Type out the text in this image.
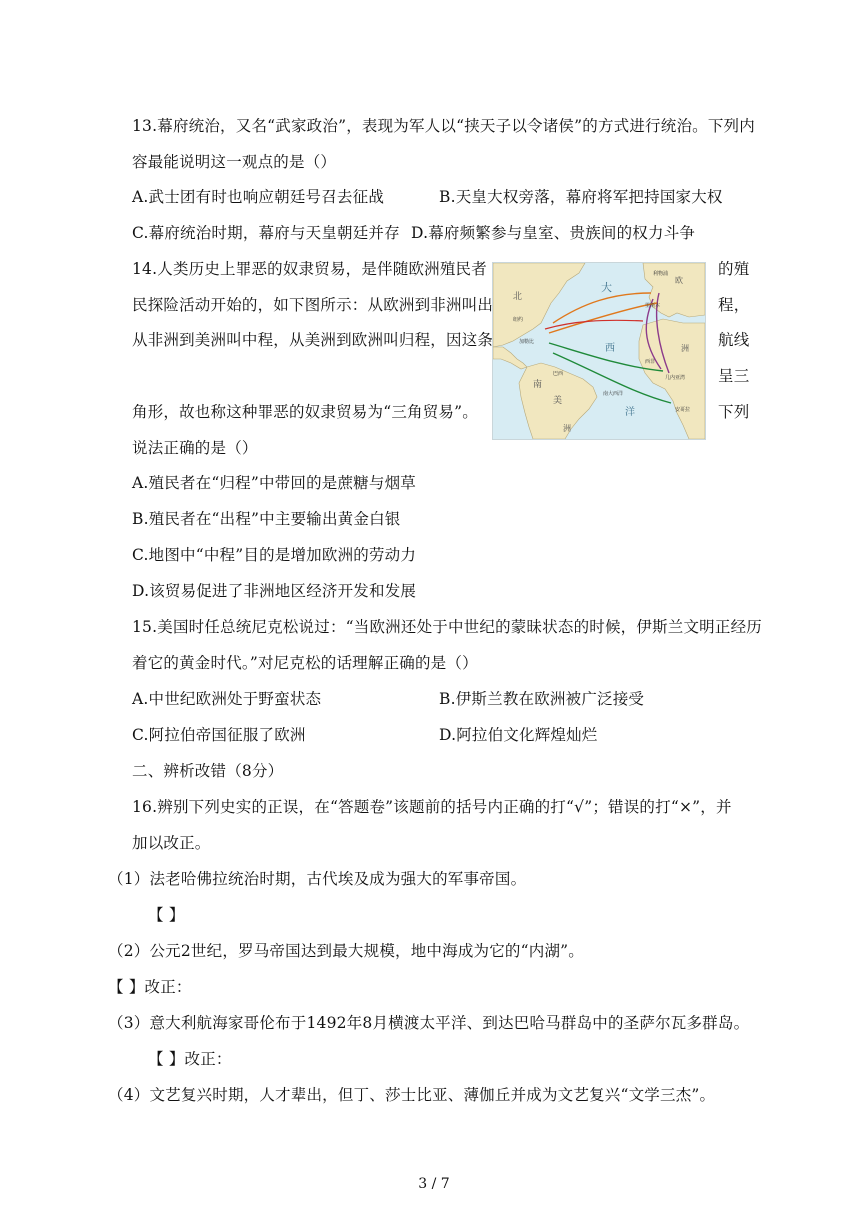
13.幕府统治，又名“武家政治”，表现为军人以“挟天子以令诸侯”的方式进行统治。下列内
容最能说明这一观点的是（）
A.武士团有时也响应朝廷号召去征战	B.天皇大权旁落，幕府将军把持国家大权
C.幕府统治时期，幕府与天皇朝廷并存 D.幕府频繁参与皇室、贵族间的权力斗争
14.人类历史上罪恶的奴隶贸易，是伴随欧洲殖民者	的殖
民探险活动开始的，如下图所示：从欧洲到非洲叫出	程，
从非洲到美洲叫中程，从美洲到欧洲叫归程，因这条	航线
呈三
角形，故也称这种罪恶的奴隶贸易为“三角贸易”。	下列
说法正确的是（）
大
西
洋
北
南
美
洲
欧
洲
纽约
利物浦
里斯本
加勒比
巴西
西非
几内亚湾
安哥拉
南大西洋
A.殖民者在“归程”中带回的是蔗糖与烟草
B.殖民者在“出程”中主要输出黄金白银
C.地图中“中程”目的是增加欧洲的劳动力
D.该贸易促进了非洲地区经济开发和发展
15.美国时任总统尼克松说过：“当欧洲还处于中世纪的蒙昧状态的时候，伊斯兰文明正经历
着它的黄金时代。”对尼克松的话理解正确的是（）
A.中世纪欧洲处于野蛮状态	B.伊斯兰教在欧洲被广泛接受
C.阿拉伯帝国征服了欧洲	D.阿拉伯文化辉煌灿烂
二、辨析改错（8分）
16.辨别下列史实的正误，在“答题卷”该题前的括号内正确的打“√”；错误的打“×”，并
加以改正。
（1）法老哈佛拉统治时期，古代埃及成为强大的军事帝国。
【 】
（2）公元2世纪，罗马帝国达到最大规模，地中海成为它的“内湖”。
【 】改正：
（3）意大利航海家哥伦布于1492年8月横渡太平洋、到达巴哈马群岛中的圣萨尔瓦多群岛。
【 】改正：
（4）文艺复兴时期，人才辈出，但丁、莎士比亚、薄伽丘并成为文艺复兴“文学三杰”。
3 / 7
